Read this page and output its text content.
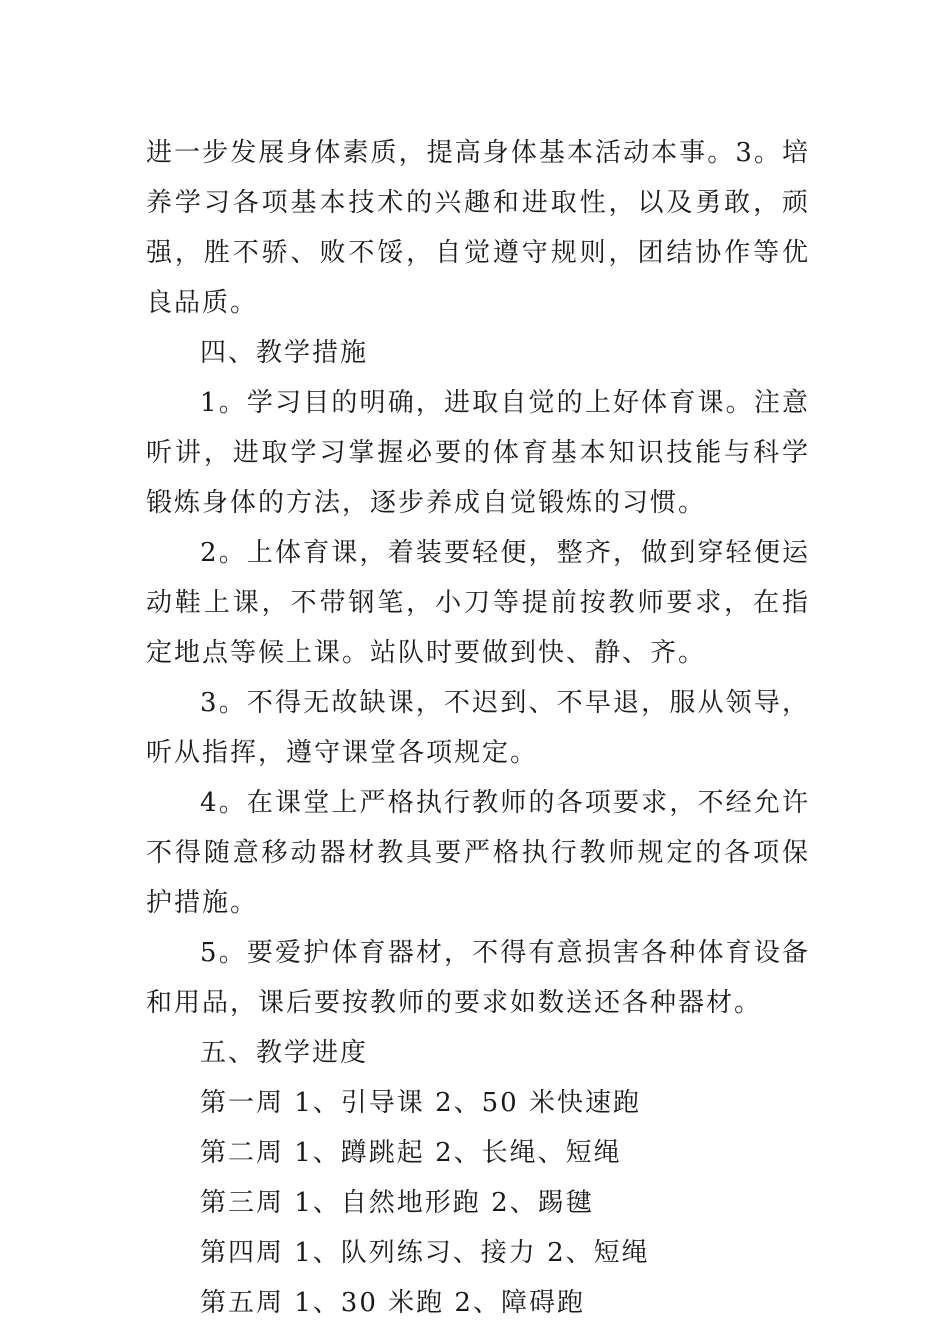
进一步发展身体素质，提高身体基本活动本事。3。培养学习各项基本技术的兴趣和进取性，以及勇敢，顽强，胜不骄、败不馁，自觉遵守规则，团结协作等优良品质。

四、教学措施

1。学习目的明确，进取自觉的上好体育课。注意听讲，进取学习掌握必要的体育基本知识技能与科学锻炼身体的方法，逐步养成自觉锻炼的习惯。

2。上体育课，着装要轻便，整齐，做到穿轻便运动鞋上课，不带钢笔，小刀等提前按教师要求，在指定地点等候上课。站队时要做到快、静、齐。

3。不得无故缺课，不迟到、不早退，服从领导，听从指挥，遵守课堂各项规定。

4。在课堂上严格执行教师的各项要求，不经允许不得随意移动器材教具要严格执行教师规定的各项保护措施。

5。要爱护体育器材，不得有意损害各种体育设备和用品，课后要按教师的要求如数送还各种器材。

五、教学进度

第一周 1、引导课 2、50 米快速跑

第二周 1、蹲跳起 2、长绳、短绳

第三周 1、自然地形跑 2、踢毽

第四周 1、队列练习、接力 2、短绳

第五周 1、30 米跑 2、障碍跑
